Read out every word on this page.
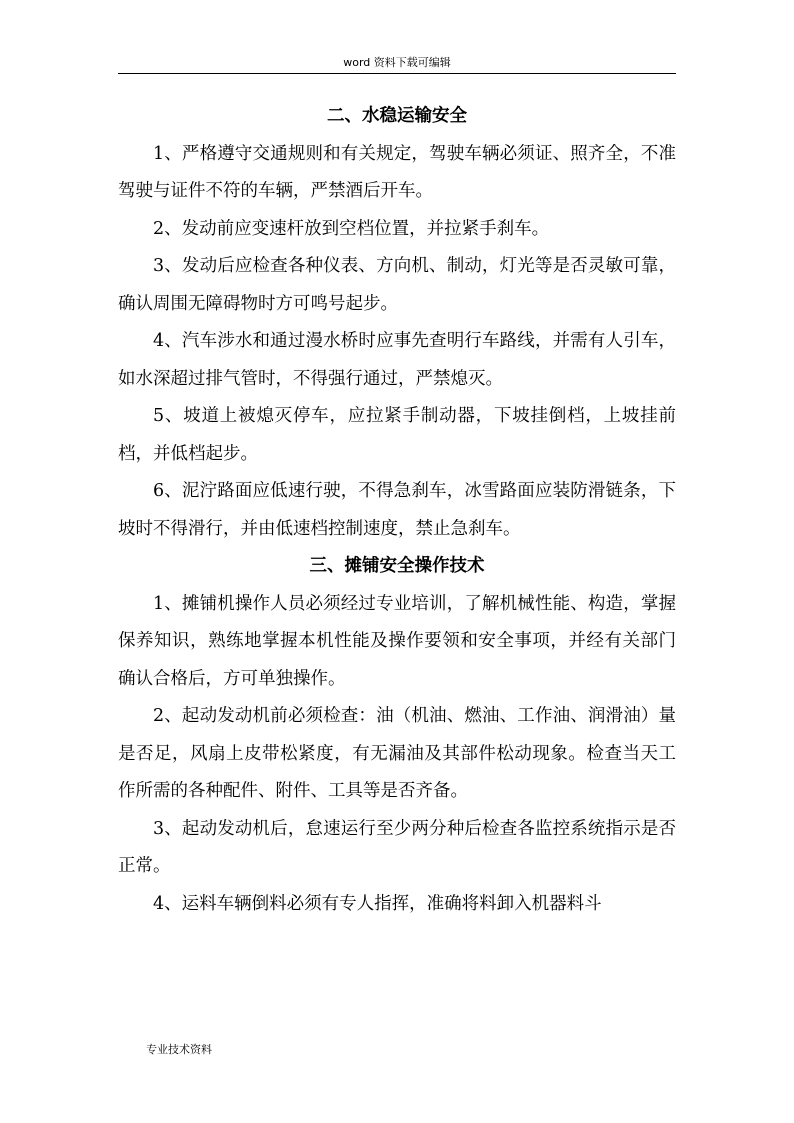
word 资料下载可编辑
二、水稳运输安全

1、严格遵守交通规则和有关规定，驾驶车辆必须证、照齐全，不准驾驶与证件不符的车辆，严禁酒后开车。

2、发动前应变速杆放到空档位置，并拉紧手刹车。

3、发动后应检查各种仪表、方向机、制动，灯光等是否灵敏可靠，确认周围无障碍物时方可鸣号起步。

4、汽车涉水和通过漫水桥时应事先查明行车路线，并需有人引车，如水深超过排气管时，不得强行通过，严禁熄灭。

5、坡道上被熄灭停车，应拉紧手制动器，下坡挂倒档，上坡挂前档，并低档起步。

6、泥泞路面应低速行驶，不得急刹车，冰雪路面应装防滑链条，下坡时不得滑行，并由低速档控制速度，禁止急刹车。

三、摊铺安全操作技术

1、摊铺机操作人员必须经过专业培训，了解机械性能、构造，掌握保养知识，熟练地掌握本机性能及操作要领和安全事项，并经有关部门确认合格后，方可单独操作。

2、起动发动机前必须检查：油（机油、燃油、工作油、润滑油）量是否足，风扇上皮带松紧度，有无漏油及其部件松动现象。检查当天工作所需的各种配件、附件、工具等是否齐备。

3、起动发动机后，怠速运行至少两分种后检查各监控系统指示是否正常。

4、运料车辆倒料必须有专人指挥，准确将料卸入机器料斗

专业技术资料
